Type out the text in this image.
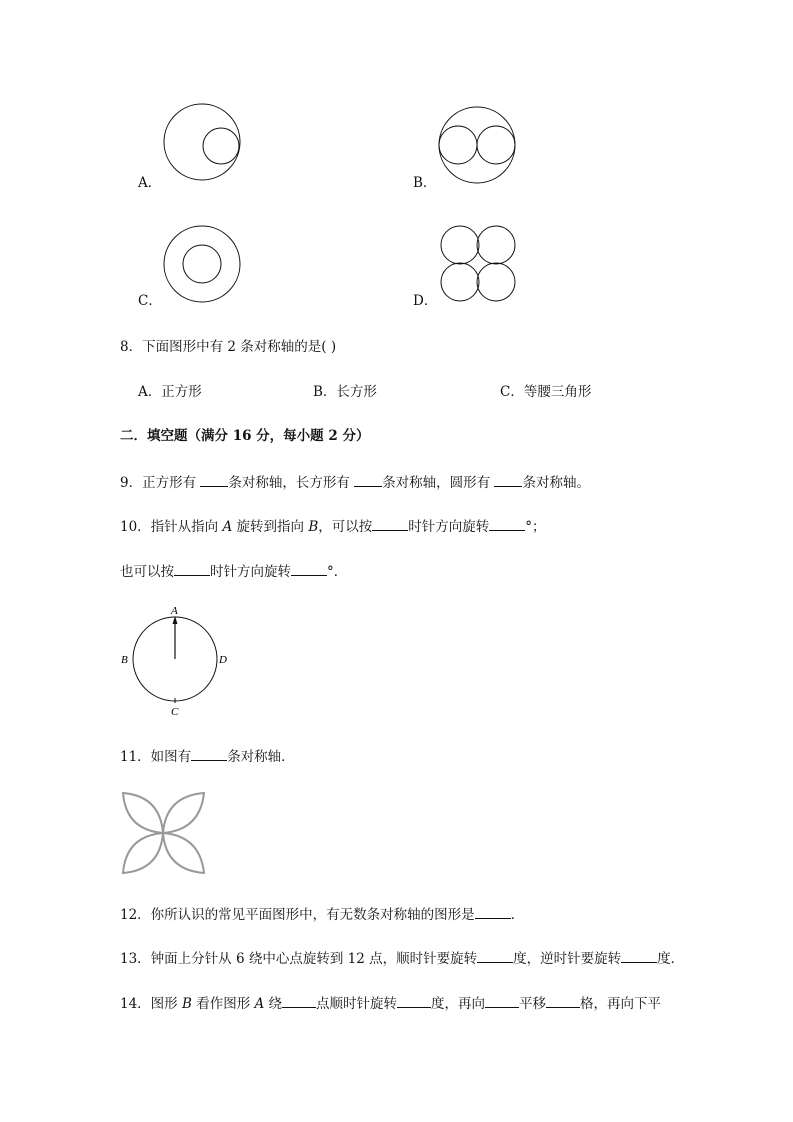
A．	B．
C．	D．
8．下面图形中有 2 条对称轴的是( )
A．正方形	B．长方形	C．等腰三角形
二．填空题（满分 16 分，每小题 2 分）
9．正方形有 条对称轴，长方形有 条对称轴，圆形有 条对称轴。
10．指针从指向 A 旋转到指向 B，可以按	时针方向旋转	°；
也可以按	时针方向旋转	°．
A
B	D
C
11．如图有	条对称轴．
12．你所认识的常见平面图形中，有无数条对称轴的图形是	．
13．钟面上分针从 6 绕中心点旋转到 12 点，顺时针要旋转	度，逆时针要旋转	度．
14．图形 B 看作图形 A 绕	点顺时针旋转	度，再向	平移	格，再向下平
